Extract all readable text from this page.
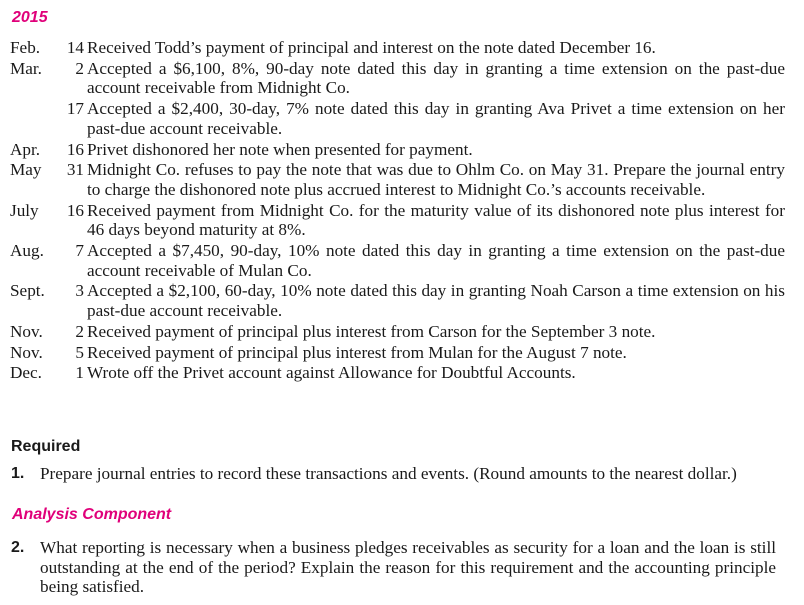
2015
Feb. 14 Received Todd’s payment of principal and interest on the note dated December 16.
Mar. 2 Accepted a $6,100, 8%, 90-day note dated this day in granting a time extension on the past-due account receivable from Midnight Co.
17 Accepted a $2,400, 30-day, 7% note dated this day in granting Ava Privet a time extension on her past-due account receivable.
Apr. 16 Privet dishonored her note when presented for payment.
May 31 Midnight Co. refuses to pay the note that was due to Ohlm Co. on May 31. Prepare the journal entry to charge the dishonored note plus accrued interest to Midnight Co.’s accounts receivable.
July 16 Received payment from Midnight Co. for the maturity value of its dishonored note plus interest for 46 days beyond maturity at 8%.
Aug. 7 Accepted a $7,450, 90-day, 10% note dated this day in granting a time extension on the past-due account receivable of Mulan Co.
Sept. 3 Accepted a $2,100, 60-day, 10% note dated this day in granting Noah Carson a time extension on his past-due account receivable.
Nov. 2 Received payment of principal plus interest from Carson for the September 3 note.
Nov. 5 Received payment of principal plus interest from Mulan for the August 7 note.
Dec. 1 Wrote off the Privet account against Allowance for Doubtful Accounts.
Required
1. Prepare journal entries to record these transactions and events. (Round amounts to the nearest dollar.)
Analysis Component
2. What reporting is necessary when a business pledges receivables as security for a loan and the loan is still outstanding at the end of the period? Explain the reason for this requirement and the accounting principle being satisfied.
